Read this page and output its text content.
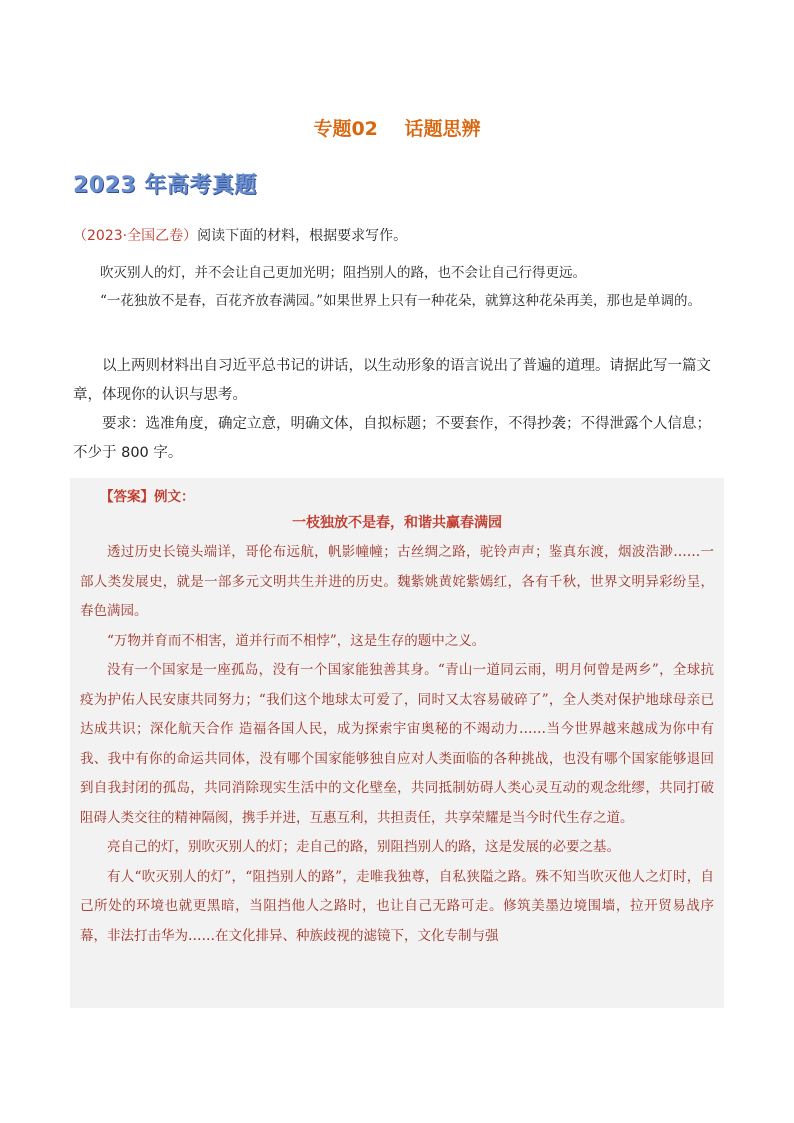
专题02 话题思辨
2023 年高考真题
（2023·全国乙卷）阅读下面的材料，根据要求写作。

吹灭别人的灯，并不会让自己更加光明；阻挡别人的路，也不会让自己行得更远。

“一花独放不是春，百花齐放春满园。”如果世界上只有一种花朵，就算这种花朵再美，那也是单调的。

以上两则材料出自习近平总书记的讲话，以生动形象的语言说出了普遍的道理。请据此写一篇文章，体现你的认识与思考。

要求：选准角度，确定立意，明确文体，自拟标题；不要套作，不得抄袭；不得泄露个人信息；不少于 800 字。

【答案】例文：
一枝独放不是春，和谐共赢春满园

透过历史长镜头端详，哥伦布远航，帆影幢幢；古丝绸之路，驼铃声声；鉴真东渡，烟波浩渺……一部人类发展史，就是一部多元文明共生并进的历史。魏紫姚黄姹紫嫣红，各有千秋，世界文明异彩纷呈，春色满园。

“万物并育而不相害，道并行而不相悖”，这是生存的题中之义。

没有一个国家是一座孤岛，没有一个国家能独善其身。“青山一道同云雨，明月何曾是两乡”，全球抗疫为护佑人民安康共同努力；“我们这个地球太可爱了，同时又太容易破碎了”，全人类对保护地球母亲已达成共识；深化航天合作 造福各国人民，成为探索宇宙奥秘的不竭动力……当今世界越来越成为你中有我、我中有你的命运共同体，没有哪个国家能够独自应对人类面临的各种挑战，也没有哪个国家能够退回到自我封闭的孤岛，共同消除现实生活中的文化壁垒，共同抵制妨碍人类心灵互动的观念纰缪，共同打破阻碍人类交往的精神隔阂，携手并进，互惠互利，共担责任，共享荣耀是当今时代生存之道。

亮自己的灯，别吹灭别人的灯；走自己的路，别阻挡别人的路，这是发展的必要之基。

有人“吹灭别人的灯”，“阻挡别人的路”，走唯我独尊，自私狭隘之路。殊不知当吹灭他人之灯时，自己所处的环境也就更黑暗，当阻挡他人之路时，也让自己无路可走。修筑美墨边境围墙，拉开贸易战序幕，非法打击华为……在文化排异、种族歧视的滤镜下，文化专制与强
